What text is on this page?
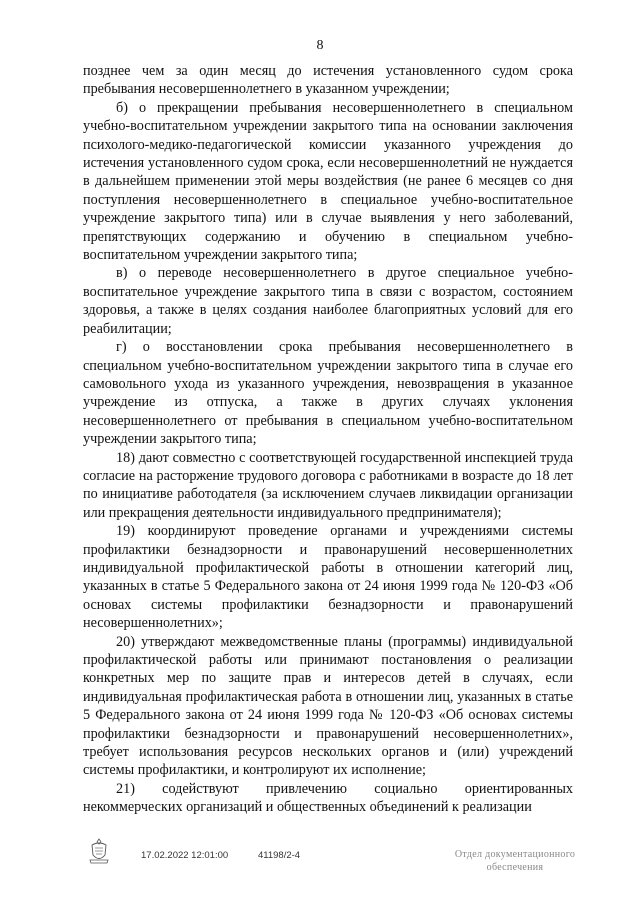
8

позднее чем за один месяц до истечения установленного судом срока пребывания несовершеннолетнего в указанном учреждении;

б) о прекращении пребывания несовершеннолетнего в специальном учебно-воспитательном учреждении закрытого типа на основании заключения психолого-медико-педагогической комиссии указанного учреждения до истечения установленного судом срока, если несовершеннолетний не нуждается в дальнейшем применении этой меры воздействия (не ранее 6 месяцев со дня поступления несовершеннолетнего в специальное учебно-воспитательное учреждение закрытого типа) или в случае выявления у него заболеваний, препятствующих содержанию и обучению в специальном учебно-воспитательном учреждении закрытого типа;

в) о переводе несовершеннолетнего в другое специальное учебно-воспитательное учреждение закрытого типа в связи с возрастом, состоянием здоровья, а также в целях создания наиболее благоприятных условий для его реабилитации;

г) о восстановлении срока пребывания несовершеннолетнего в специальном учебно-воспитательном учреждении закрытого типа в случае его самовольного ухода из указанного учреждения, невозвращения в указанное учреждение из отпуска, а также в других случаях уклонения несовершеннолетнего от пребывания в специальном учебно-воспитательном учреждении закрытого типа;

18) дают совместно с соответствующей государственной инспекцией труда согласие на расторжение трудового договора с работниками в возрасте до 18 лет по инициативе работодателя (за исключением случаев ликвидации организации или прекращения деятельности индивидуального предпринимателя);

19) координируют проведение органами и учреждениями системы профилактики безнадзорности и правонарушений несовершеннолетних индивидуальной профилактической работы в отношении категорий лиц, указанных в статье 5 Федерального закона от 24 июня 1999 года № 120-ФЗ «Об основах системы профилактики безнадзорности и правонарушений несовершеннолетних»;

20) утверждают межведомственные планы (программы) индивидуальной профилактической работы или принимают постановления о реализации конкретных мер по защите прав и интересов детей в случаях, если индивидуальная профилактическая работа в отношении лиц, указанных в статье 5 Федерального закона от 24 июня 1999 года № 120-ФЗ «Об основах системы профилактики безнадзорности и правонарушений несовершеннолетних», требует использования ресурсов нескольких органов и (или) учреждений системы профилактики, и контролируют их исполнение;

21) содействуют привлечению социально ориентированных некоммерческих организаций и общественных объединений к реализации

17.02.2022 12:01:00	41198/2-4	Отдел документационного обеспечения
